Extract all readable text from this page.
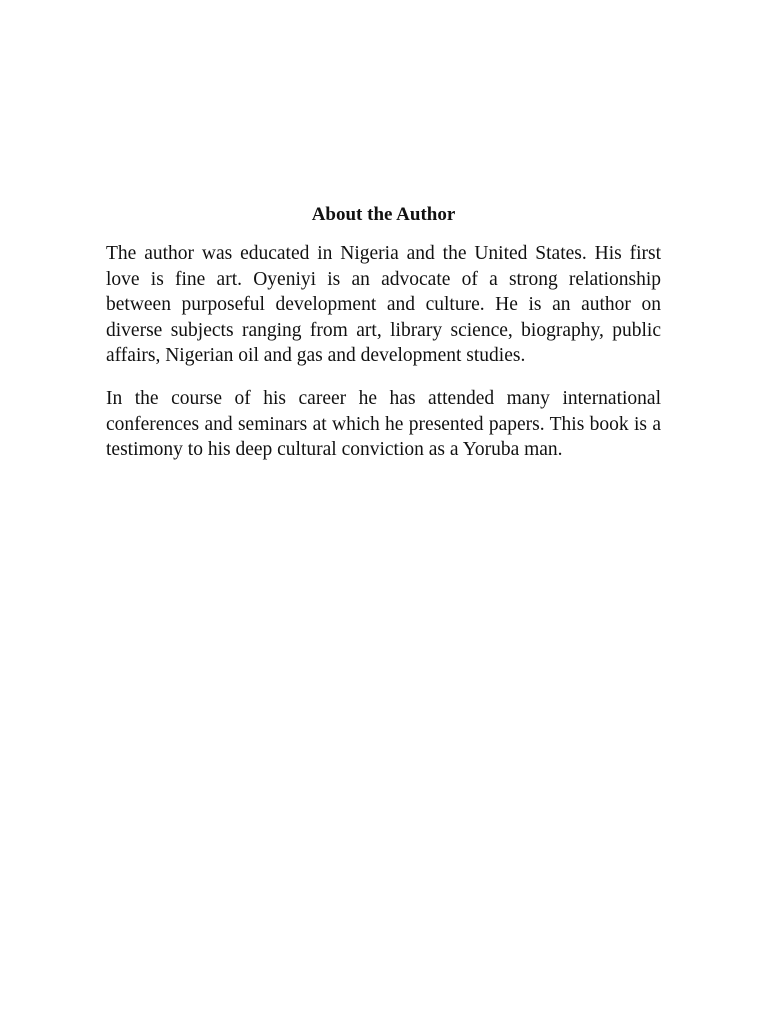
About the Author

The author was educated in Nigeria and the United States. His first love is fine art. Oyeniyi is an advocate of a strong relationship between purposeful development and culture. He is an author on diverse subjects ranging from art, library science, biography, public affairs, Nigerian oil and gas and development studies.

In the course of his career he has attended many international conferences and seminars at which he presented papers. This book is a testimony to his deep cultural conviction as a Yoruba man.
